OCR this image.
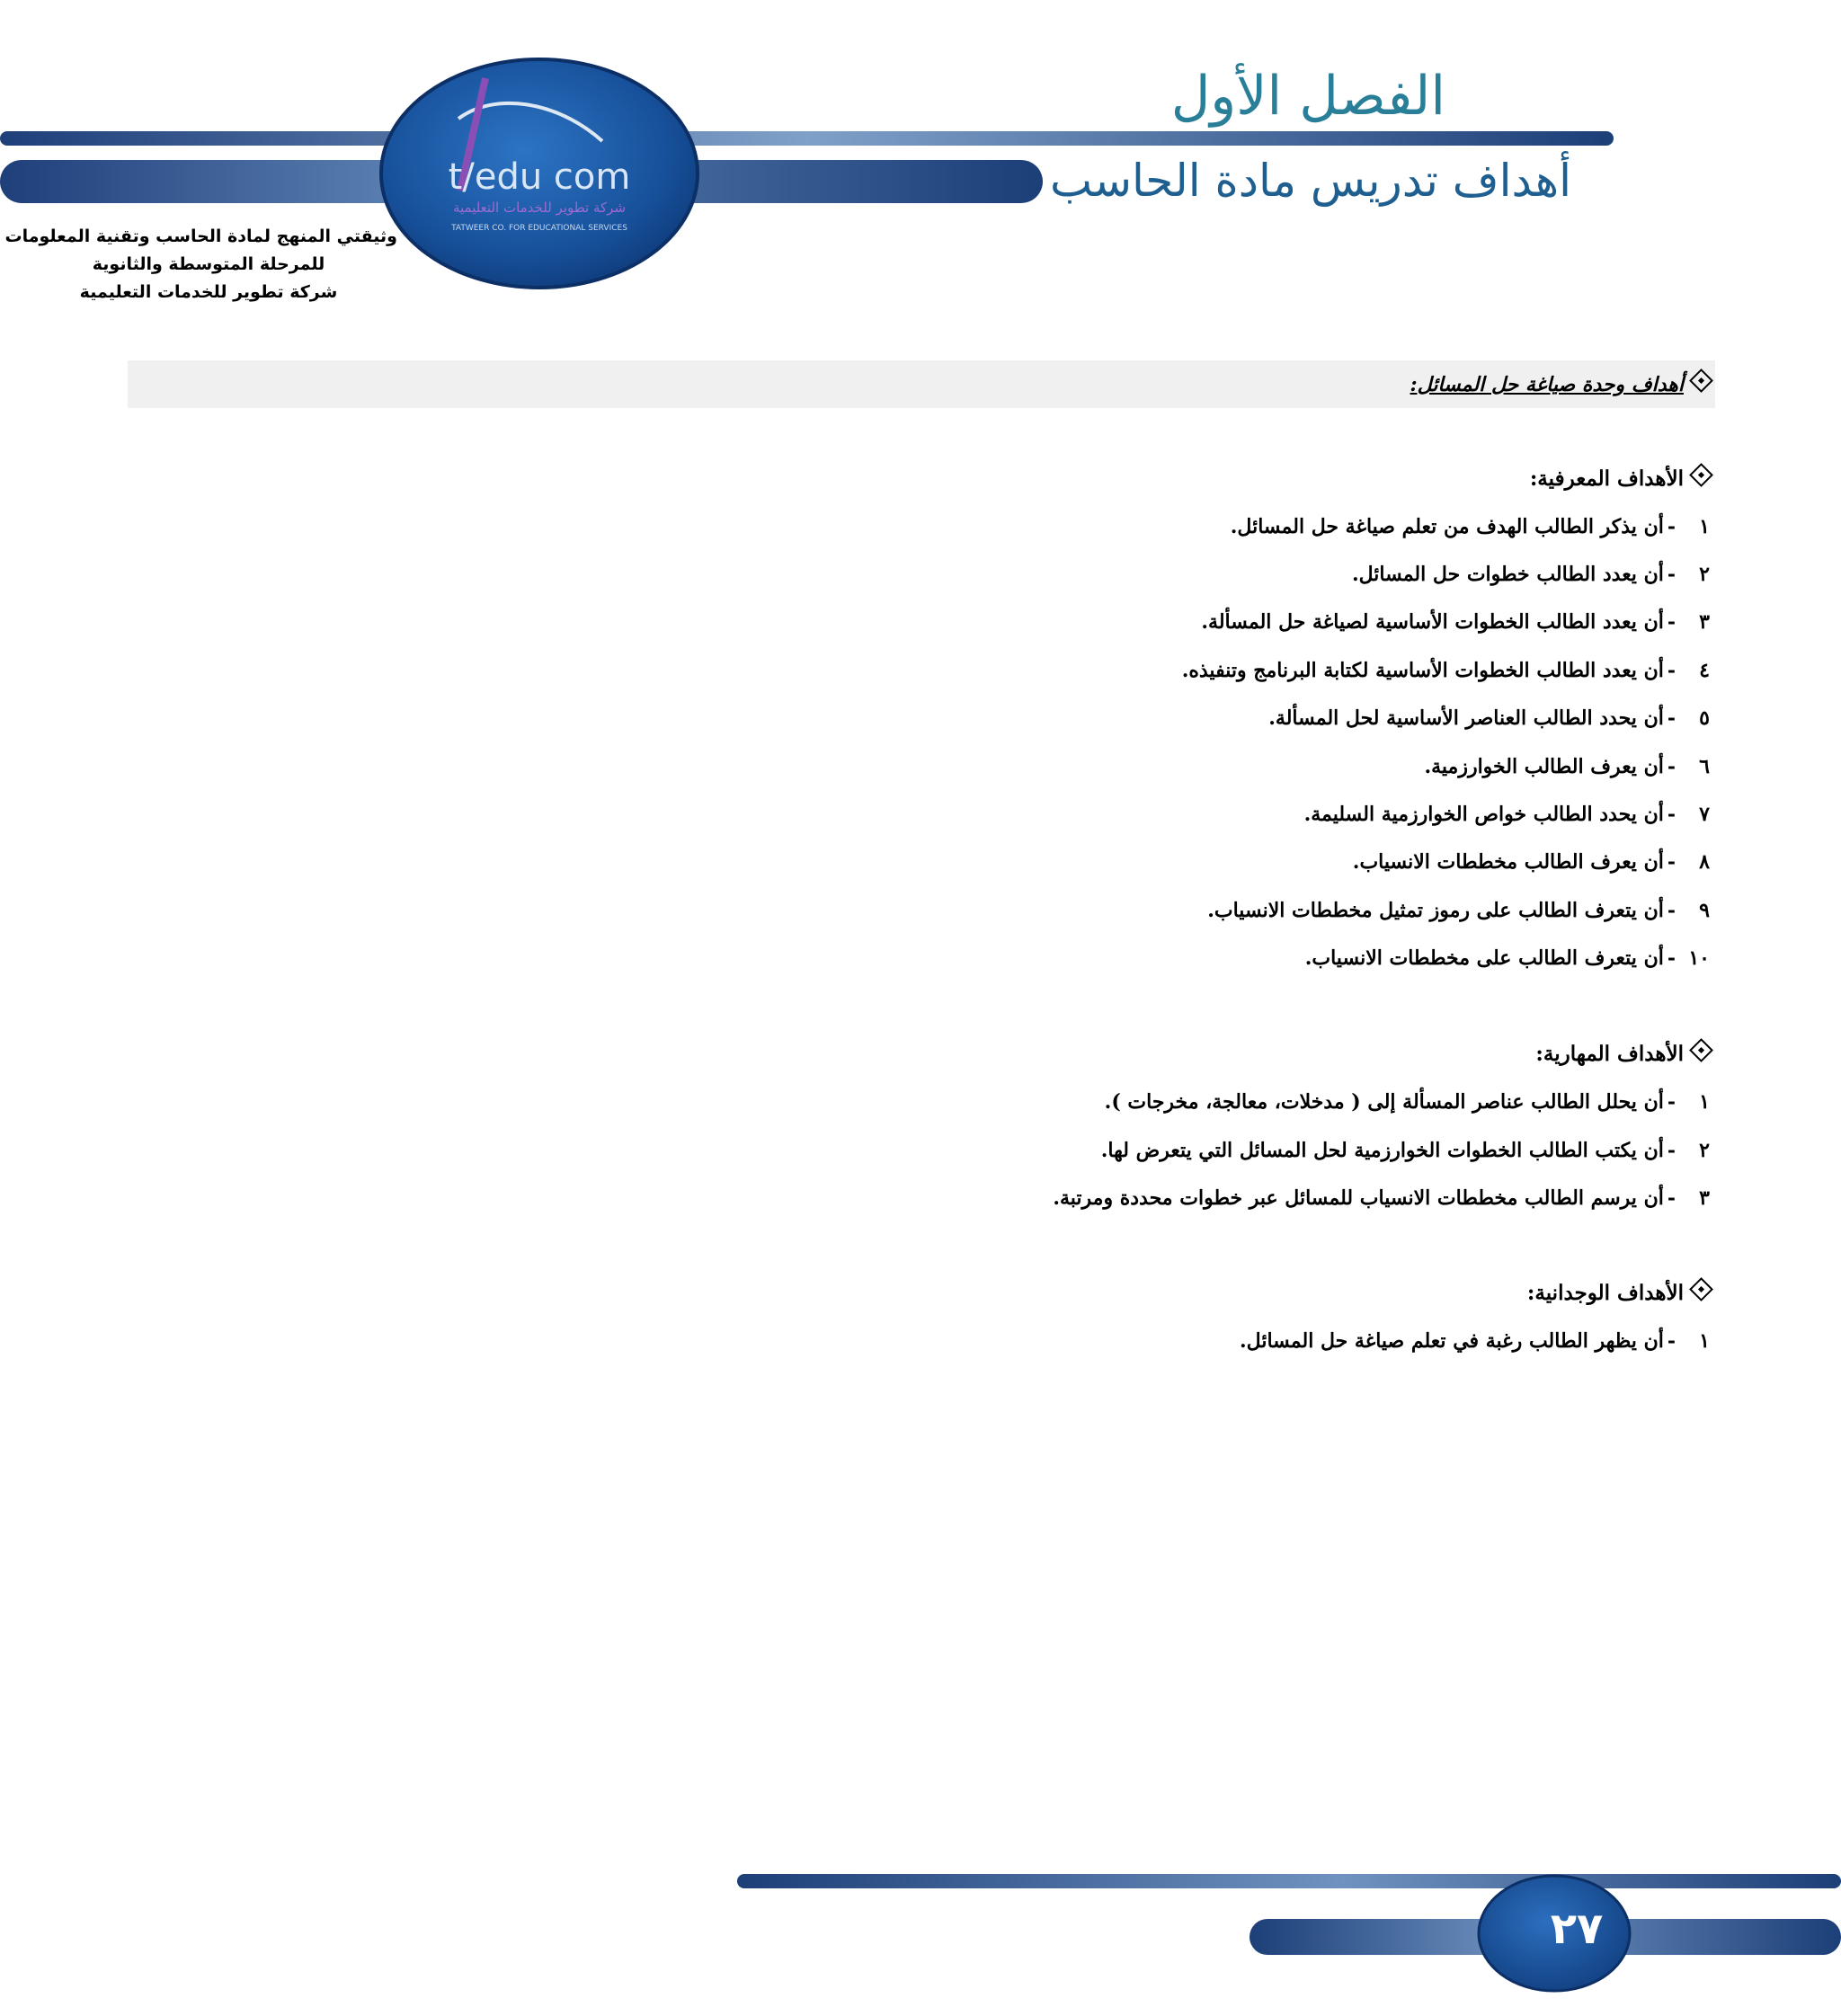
الفصل الأول
أهداف تدريس مادة الحاسب
t/edu com
شركة تطوير للخدمات التعليمية
TATWEER CO. FOR EDUCATIONAL SERVICES
وثيقتي المنهج لمادة الحاسب وتقنية المعلومات
للمرحلة المتوسطة والثانوية
شركة تطوير للخدمات التعليمية
أهداف وحدة صياغة حل المسائل:
الأهداف المعرفية:
١-أن يذكر الطالب الهدف من تعلم صياغة حل المسائل.
٢-أن يعدد الطالب خطوات حل المسائل.
٣-أن يعدد الطالب الخطوات الأساسية لصياغة حل المسألة.
٤-أن يعدد الطالب الخطوات الأساسية لكتابة البرنامج وتنفيذه.
٥-أن يحدد الطالب العناصر الأساسية لحل المسألة.
٦-أن يعرف الطالب الخوارزمية.
٧-أن يحدد الطالب خواص الخوارزمية السليمة.
٨-أن يعرف الطالب مخططات الانسياب.
٩-أن يتعرف الطالب على رموز تمثيل مخططات الانسياب.
١٠-أن يتعرف الطالب على مخططات الانسياب.
الأهداف المهارية:
١-أن يحلل الطالب عناصر المسألة إلى ( مدخلات، معالجة، مخرجات ).
٢-أن يكتب الطالب الخطوات الخوارزمية لحل المسائل التي يتعرض لها.
٣-أن يرسم الطالب مخططات الانسياب للمسائل عبر خطوات محددة ومرتبة.
الأهداف الوجدانية:
١-أن يظهر الطالب رغبة في تعلم صياغة حل المسائل.
٢٧
